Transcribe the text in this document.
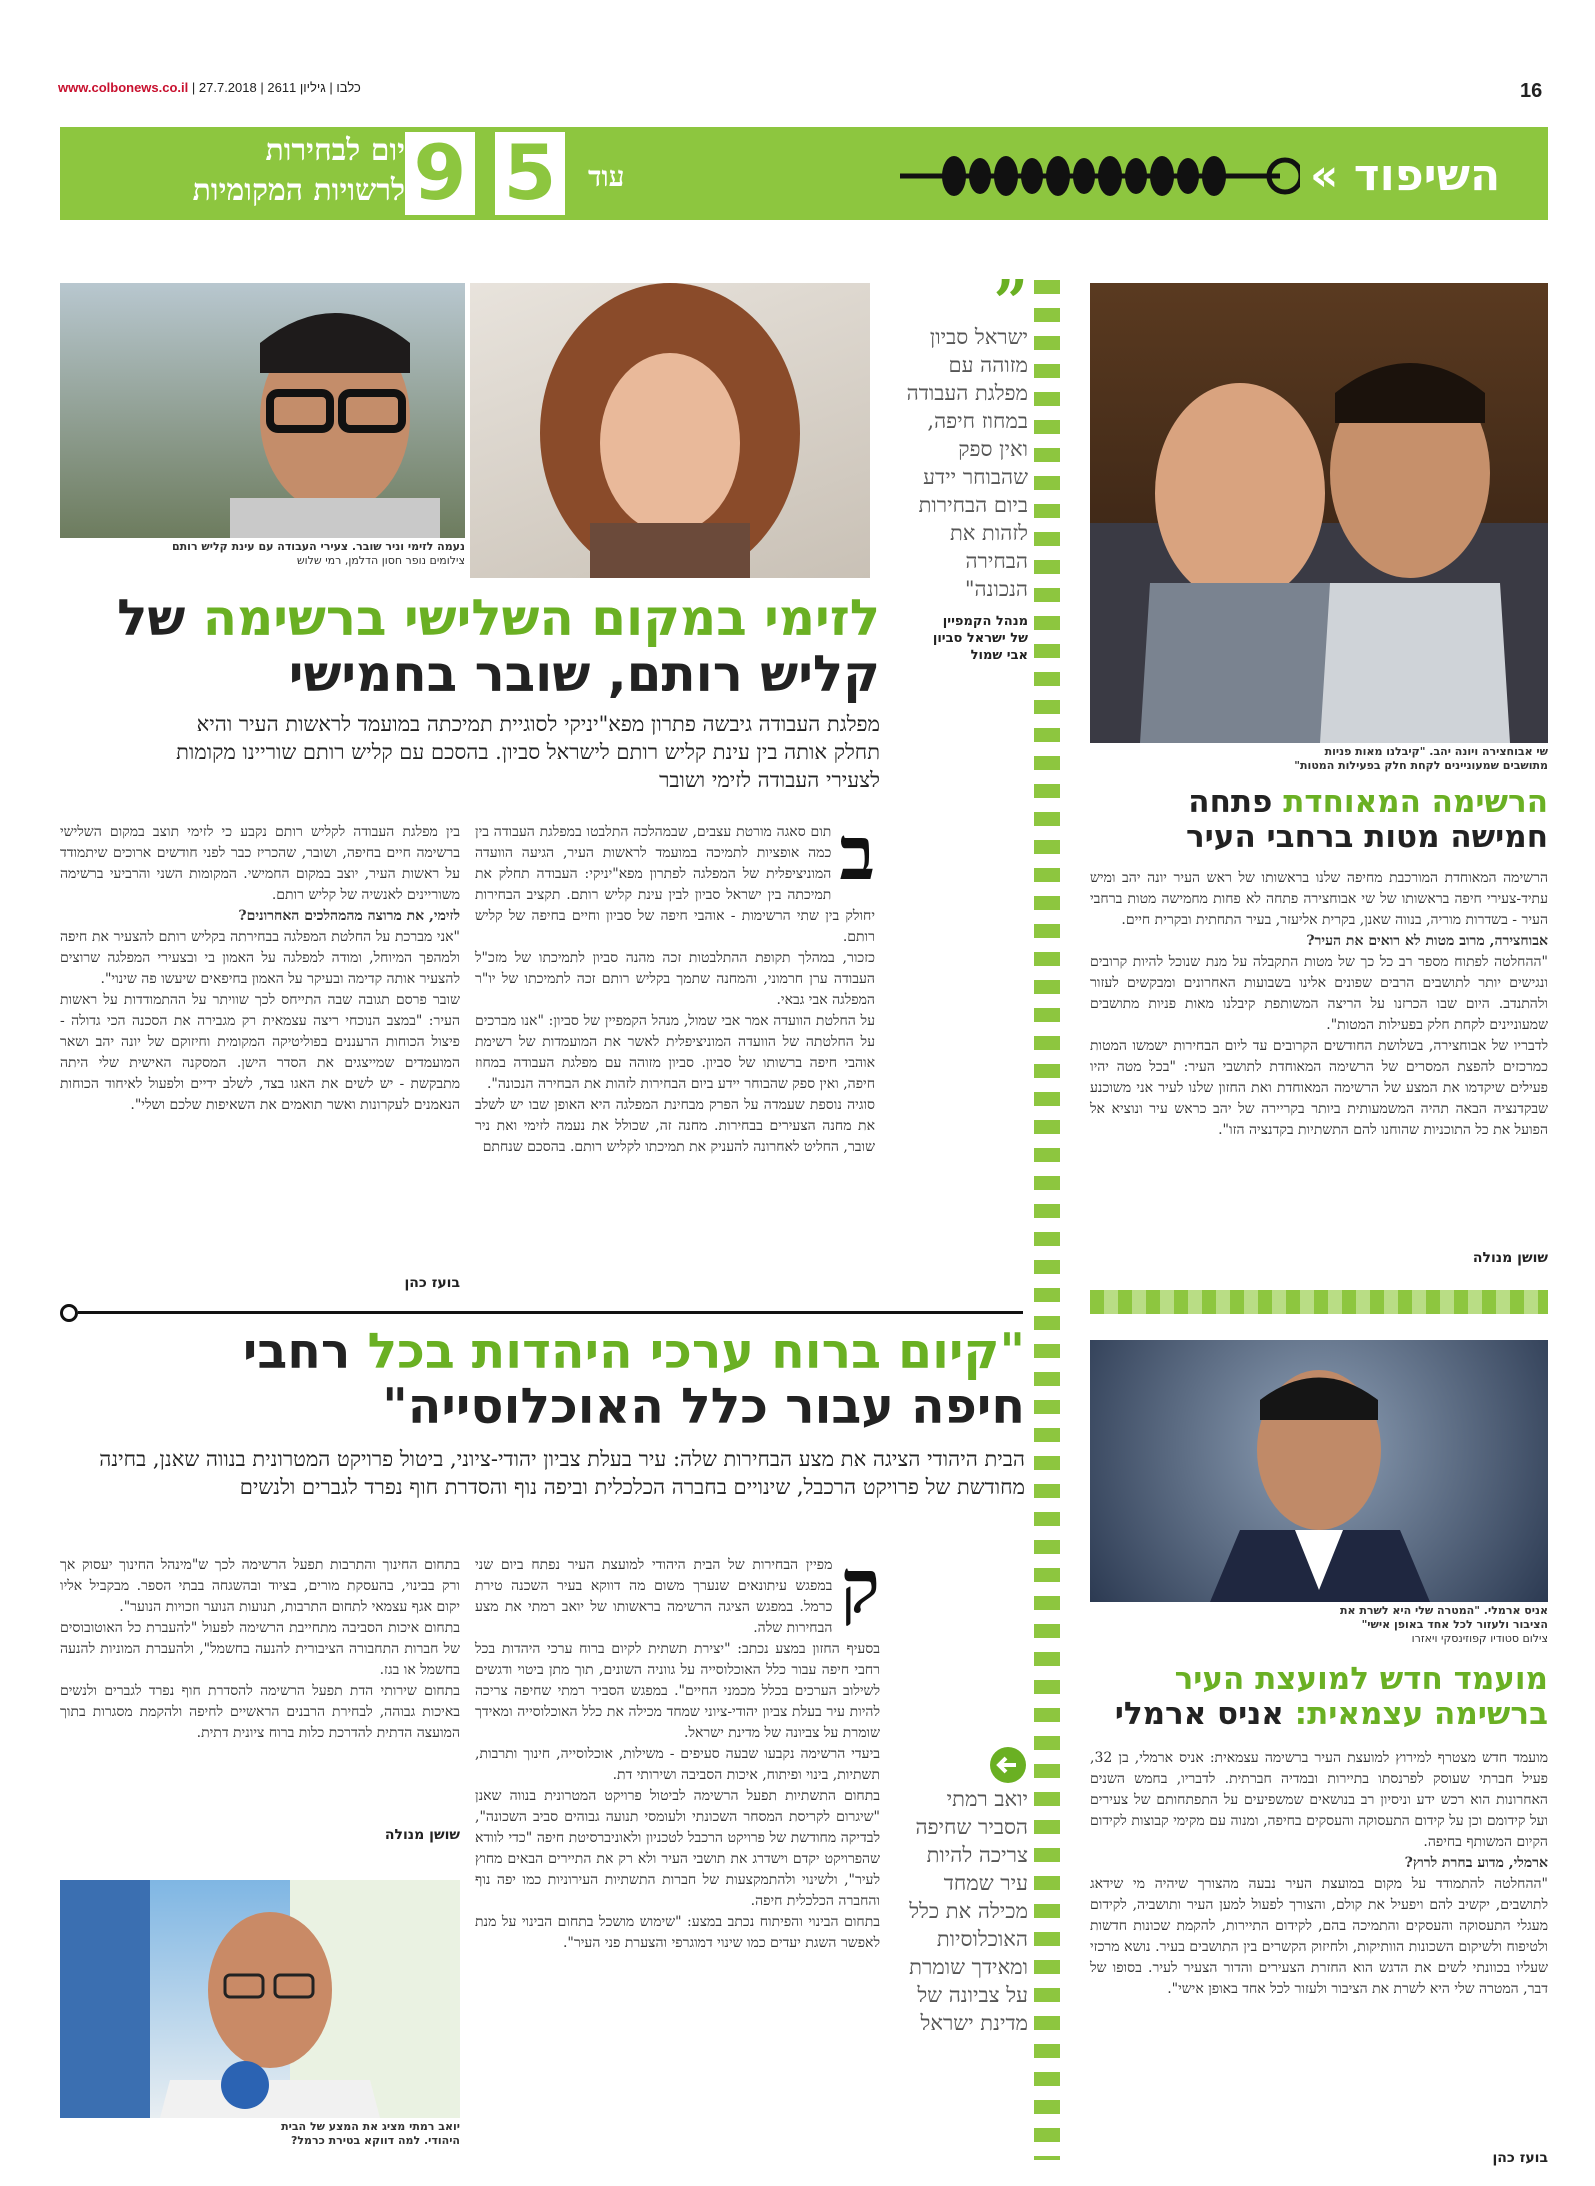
www.colbonews.co.il |	כלבו | גיליון 2611 | 27.7.2018	16
השיפוד »
עוד
5
9
יום לבחירות
לרשויות המקומיות
נעמה לזימי וניר שובר. צעירי העבודה עם עינת קליש רותם
צילומים נופר חסון הדלמן, רמי שלוש
לזימי במקום השלישי ברשימה של
קליש רותם, שובר בחמישי
מפלגת העבודה גיבשה פתרון מפא"יניקי לסוגיית תמיכתה במועמד לראשות העיר והיא תחלק אותה בין עינת קליש רותם לישראל סביון. בהסכם עם קליש רותם שוריינו מקומות לצעירי העבודה לזימי ושובר
ב

תום סאגה מורטת עצבים, שבמהלכה התלבטו במפלגת העבודה בין כמה אופציות לתמיכה במועמד לראשות העיר, הגיעה הוועדה המוניציפלית של המפלגה לפתרון מפא"יניקי: העבודה תחלק את תמיכתה בין ישראל סביון לבין עינת קליש רותם. תקציב הבחירות יחולק בין שתי הרשימות - אוהבי חיפה של סביון וחיים בחיפה של קליש רותם.

כזכור, במהלך תקופת ההתלבטות זכה מהנה סביון לתמיכתו של מזכ"ל העבודה ערן חרמוני, והמחנה שתמך בקליש רותם זכה לתמיכתו של יו"ר המפלגה אבי גבאי.

על החלטת הוועדה אמר אבי שמול, מנהל הקמפיין של סביון: "אנו מברכים על החלטתה של הוועדה המוניציפלית לאשר את המועמדות של רשימת אוהבי חיפה ברשותו של סביון. סביון מזוהה עם מפלגת העבודה במחוז חיפה, ואין ספק שהבוחר יידע ביום הבחירות לזהות את הבחירה הנכונה".

סוגיה נוספת שעמדה על הפרק מבחינת המפלגה היא האופן שבו יש לשלב את מחנה הצעירים בבחירות. מחנה זה, שכולל את נעמה לזימי ואת ניר שובר, החליט לאחרונה להעניק את תמיכתו לקליש רותם. בהסכם שנחתם

בין מפלגת העבודה לקליש רותם נקבע כי לזימי תוצב במקום השלישי ברשימה חיים בחיפה, ושובר, שהכריז כבר לפני חודשים ארוכים שיתמודד על ראשות העיר, יוצב במקום החמישי. המקומות השני והרביעי ברשימה משוריינים לאנשיה של קליש רותם.

לזימי, את מרוצה מהמהלכים האחרונים?

"אני מברכת על החלטת המפלגה בבחירתה בקליש רותם להצעיר את חיפה ולמהפך המיוחל, ומודה למפלגה על האמון בי ובצעירי המפלגה שרוצים להצעיר אותה קדימה ובעיקר על האמון בחיפאים שיעשו פה שינוי".

שובר פרסם תגובה שבה התייחס לכך שוויתר על ההתמודדות על ראשות העיר: "במצב הנוכחי ריצה עצמאית רק מגבירה את הסכנה הכי גדולה - פיצול הכוחות הרעננים בפוליטיקה המקומית וחיזוקם של יונה יהב ושאר המועמדים שמייצגים את הסדר הישן. המסקנה האישית שלי היתה מתבקשת - יש לשים את האגו בצד, לשלב ידיים ולפעול לאיחוד הכוחות הנאמנים לעקרונות ואשר תואמים את השאיפות שלכם ושלי".

בועז כהן
”
ישראל סביון מזוהה עם מפלגת העבודה במחוז חיפה, ואין ספק שהבוחר יידע ביום הבחירות לזהות את הבחירה הנכונה"
מנהל הקמפיין
של ישראל סביון
אבי שמול
שי אבוחצירה ויונה יהב. "קיבלנו מאות פניות
מתושבים שמעוניינים לקחת חלק בפעילות המטות"
הרשימה המאוחדת פתחה
חמישה מטות ברחבי העיר

הרשימה המאוחדת המורכבת מחיפה שלנו בראשותו של ראש העיר יונה יהב ומיש עתיד-צעירי חיפה בראשותו של שי אבוחצירה פתחה לא פחות מחמישה מטות ברחבי העיר - בשדרות מוריה, בנווה שאנן, בקרית אליעזר, בעיר התחתית ובקרית חיים.

אבוחצירה, מרוב מטות לא רואים את העיר?

"ההחלטה לפתוח מספר רב כל כך של מטות התקבלה על מנת שנוכל להיות קרובים ונגישים יותר לתושבים הרבים שפונים אלינו בשבועות האחרונים ומבקשים לעזור ולהתנדב. היום שבו הכרזנו על הריצה המשותפת קיבלנו מאות פניות מתושבים שמעוניינים לקחת חלק בפעילות המטות".

לדבריו של אבוחצירה, בשלושת החודשים הקרובים עד ליום הבחירות ישמשו המטות כמרכזים להפצת המסרים של הרשימה המאוחדת לתושבי העיר: "בכל מטה יהיו פעילים שיקדמו את המצע של הרשימה המאוחדת ואת החזון שלנו לעיר אני משוכנע שבקדנציה הבאה תהיה המשמעותית ביותר בקריירה של יהב כראש עיר ונוציא אל הפועל את כל התוכניות שהוחנו להם התשתיות בקדנציה הזו".

שושן מנולה
"קיום ברוח ערכי היהדות בכל רחבי
חיפה עבור כלל האוכלוסייה"
הבית היהודי הציגה את מצע הבחירות שלה: עיר בעלת צביון יהודי-ציוני, ביטול פרויקט המטרונית בנווה שאנן, בחינה מחודשת של פרויקט הרכבל, שינויים בחברה הכלכלית וביפה נוף והסדרת חוף נפרד לגברים ולנשים
ק

מפיין הבחירות של הבית היהודי למועצת העיר נפתח ביום שני במפגש עיתונאים שנערך משום מה דווקא בעיר השכנה טירת כרמל. במפגש הציגה הרשימה בראשותו של יואב רמתי את מצע הבחירות שלה.

בסעיף החזון במצע נכתב: "יצירת תשתית לקיום ברוח ערכי היהדות בכל רחבי חיפה עבור כלל האוכלוסייה על גווניה השונים, תוך מתן ביטוי ודגשים לשילוב הערכים בכלל מכמני החיים". במפגש הסביר רמתי שחיפה צריכה להיות עיר בעלת צביון יהודי-ציוני שמחד מכילה את כלל האוכלוסייה ומאידך שומרת על צביונה של מדינת ישראל.

ביעדי הרשימה נקבעו שבעה סעיפים - משילות, אוכלוסייה, חינוך ותרבות, תשתיות, בינוי ופיתוח, איכות הסביבה ושירותי דת.

בתחום התשתיות תפעל הרשימה לביטול פרויקט המטרונית בנווה שאנן "שיגרום לקריסת המסחר השכונתי ולעומסי תנועה גבוהים סביב השכונה", לבדיקה מחודשת של פרויקט הרכבל לטכניון ולאוניברסיטת חיפה "כדי לוודא שהפרויקט יקדם וישדרג את תושבי העיר ולא רק את התיירים הבאים מחוץ לעיר", ולשינוי ולהתמקצעות של חברות התשתיות העירוניות כמו יפה נוף והחברה הכלכלית חיפה.

בתחום הבינוי והפיתוח נכתב במצע: "שימוש מושכל בתחום הבינוי על מנת לאפשר השגת יעדים כמו שינוי דמוגרפי והצערת פני העיר".

בתחום החינוך והתרבות תפעל הרשימה לכך ש"מינהל החינוך יעסוק אך ורק בבינוי, בהעסקת מורים, בציוד ובהשגחה בבתי הספר. מבקביל אליו יקום אגף עצמאי לתחום התרבות, תנועות הנוער וזכויות הנוער".

בתחום איכות הסביבה מתחייבת הרשימה לפעול "להעברת כל האוטובוסים של חברות התחבורה הציבורית להנעה בחשמל", ולהעברת המוניות להנעה בחשמל או בגז.

בתחום שירותי הדת תפעל הרשימה להסדרת חוף נפרד לגברים ולנשים באיכות גבוהה, לבחירת הרבנים הראשיים לחיפה ולהקמת מסגרות בתוך המועצה הדתית להדרכת כלות ברוח ציונית דתית.

שושן מנולה
יואב רמתי מציג את המצע של הבית
היהודי. למה דווקא בטירת כרמל?
יואב רמתי הסביר שחיפה צריכה להיות עיר שמחד מכילה את כלל האוכלוסיות ומאידך שומרת על צביונה של מדינת ישראל
אניס ארמלי. "המטרה שלי היא לשרת את
הציבור ולעזור לכל אחד באופן אישי"
צילום סטודיו קפוזינסקי ויאזרו
מועמד חדש למועצת העיר
ברשימה עצמאית: אניס ארמלי

מועמד חדש מצטרף למירוץ למועצת העיר ברשימה עצמאית: אניס ארמלי, בן 32, פעיל חברתי שעוסק לפרנסתו בתיירות ובמדיה חברתית. לדבריו, בחמש השנים האחרונות הוא רכש ידע וניסיון רב בנושאים שמשפיעים על התפתחותם של צעירים ועל קידומם וכן על קידום התעסוקה והעסקים בחיפה, ומנוה עם מקימי קבוצות לקידום הקיום המשותף בחיפה.

ארמלי, מדוע בחרת לרוץ?

"ההחלטה להתמודד על מקום במועצת העיר נבעה מהצורך שיהיה מי שידאג לתושבים, יקשיב להם ויפעיל את קולם, והצורך לפעול למען העיר ותושביה, לקידום מעגלי התעסוקה והעסקים והתמיכה בהם, לקידום התיירות, להקמת שכונות חדשות ולטיפוח ולשיקום השכונות הוותיקות, ולחיזוק הקשרים בין התושבים בעיר. נושא מרכזי שעליו בכוונתי לשים את הדגש הוא החזרת הצעירים והדור הצעיר לעיר. בסופו של דבר, המטרה שלי היא לשרת את הציבור ולעזור לכל אחד באופן אישי".

בועז כהן
